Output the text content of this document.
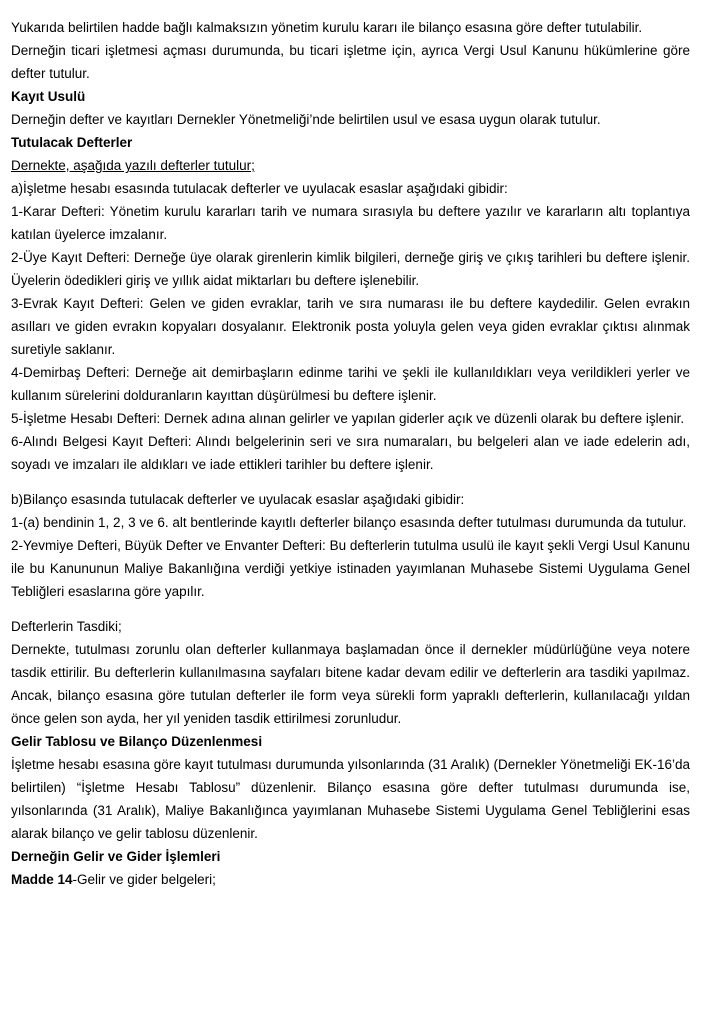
Yukarıda belirtilen hadde bağlı kalmaksızın yönetim kurulu kararı ile bilanço esasına göre defter tutulabilir.

Derneğin ticari işletmesi açması durumunda, bu ticari işletme için, ayrıca Vergi Usul Kanunu hükümlerine göre defter tutulur.

Kayıt Usulü

Derneğin defter ve kayıtları Dernekler Yönetmeliği’nde belirtilen usul ve esasa uygun olarak tutulur.

Tutulacak Defterler

Dernekte, aşağıda yazılı defterler tutulur;

a)İşletme hesabı esasında tutulacak defterler ve uyulacak esaslar aşağıdaki gibidir:

1-Karar Defteri: Yönetim kurulu kararları tarih ve numara sırasıyla bu deftere yazılır ve kararların altı toplantıya katılan üyelerce imzalanır.

2-Üye Kayıt Defteri: Derneğe üye olarak girenlerin kimlik bilgileri, derneğe giriş ve çıkış tarihleri bu deftere işlenir. Üyelerin ödedikleri giriş ve yıllık aidat miktarları bu deftere işlenebilir.

3-Evrak Kayıt Defteri: Gelen ve giden evraklar, tarih ve sıra numarası ile bu deftere kaydedilir. Gelen evrakın asılları ve giden evrakın kopyaları dosyalanır. Elektronik posta yoluyla gelen veya giden evraklar çıktısı alınmak suretiyle saklanır.

4-Demirbaş Defteri: Derneğe ait demirbaşların edinme tarihi ve şekli ile kullanıldıkları veya verildikleri yerler ve kullanım sürelerini dolduranların kayıttan düşürülmesi bu deftere işlenir.

5-İşletme Hesabı Defteri: Dernek adına alınan gelirler ve yapılan giderler açık ve düzenli olarak bu deftere işlenir.

6-Alındı Belgesi Kayıt Defteri: Alındı belgelerinin seri ve sıra numaraları, bu belgeleri alan ve iade edelerin adı, soyadı ve imzaları ile aldıkları ve iade ettikleri tarihler bu deftere işlenir.

b)Bilanço esasında tutulacak defterler ve uyulacak esaslar aşağıdaki gibidir:

1-(a) bendinin 1, 2, 3 ve 6. alt bentlerinde kayıtlı defterler bilanço esasında defter tutulması durumunda da tutulur.

2-Yevmiye Defteri, Büyük Defter ve Envanter Defteri: Bu defterlerin tutulma usulü ile kayıt şekli Vergi Usul Kanunu ile bu Kanununun Maliye Bakanlığına verdiği yetkiye istinaden yayımlanan Muhasebe Sistemi Uygulama Genel Tebliğleri esaslarına göre yapılır.

Defterlerin Tasdiki;

Dernekte, tutulması zorunlu olan defterler kullanmaya başlamadan önce il dernekler müdürlüğüne veya notere tasdik ettirilir. Bu defterlerin kullanılmasına sayfaları bitene kadar devam edilir ve defterlerin ara tasdiki yapılmaz. Ancak, bilanço esasına göre tutulan defterler ile form veya sürekli form yapraklı defterlerin, kullanılacağı yıldan önce gelen son ayda, her yıl yeniden tasdik ettirilmesi zorunludur.

Gelir Tablosu ve Bilanço Düzenlenmesi

İşletme hesabı esasına göre kayıt tutulması durumunda yılsonlarında (31 Aralık) (Dernekler Yönetmeliği EK-16’da belirtilen) “İşletme Hesabı Tablosu” düzenlenir. Bilanço esasına göre defter tutulması durumunda ise, yılsonlarında (31 Aralık), Maliye Bakanlığınca yayımlanan Muhasebe Sistemi Uygulama Genel Tebliğlerini esas alarak bilanço ve gelir tablosu düzenlenir.

Derneğin Gelir ve Gider İşlemleri

Madde 14-Gelir ve gider belgeleri;
